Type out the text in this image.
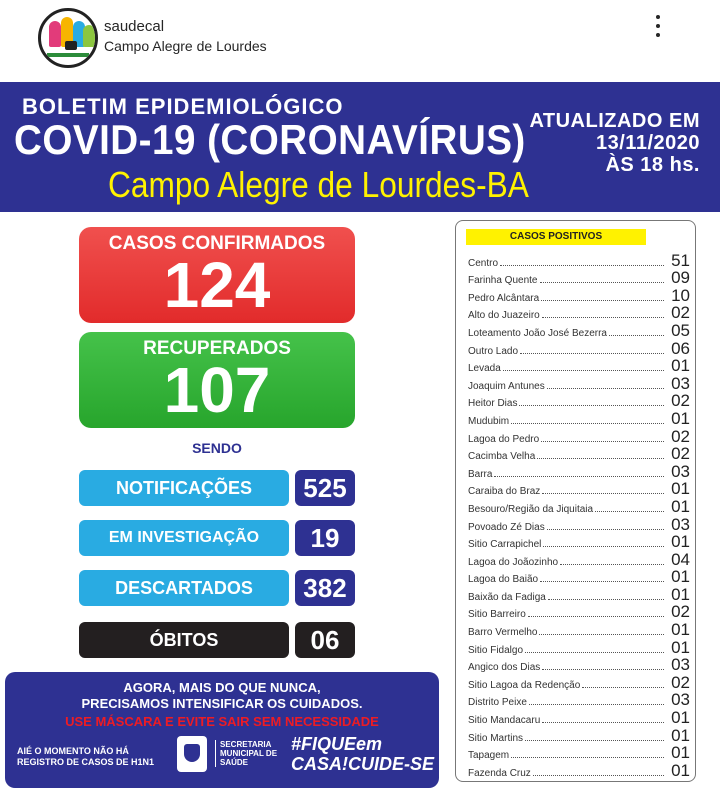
saudecal
Campo Alegre de Lourdes
BOLETIM EPIDEMIOLÓGICO
COVID-19 (CORONAVÍRUS)
Campo Alegre de Lourdes-BA
ATUALIZADO EM
13/11/2020
ÀS 18 hs.
CASOS CONFIRMADOS
124
RECUPERADOS
107
SENDO
NOTIFICAÇÕES	525
EM INVESTIGAÇÃO	19
DESCARTADOS	382
ÓBITOS	06
AGORA, MAIS DO QUE NUNCA,
PRECISAMOS INTENSIFICAR OS CUIDADOS.
USE MÁSCARA E EVITE SAIR SEM NECESSIDADE
AIÉ O MOMENTO NÃO HÁ
REGISTRO DE CASOS DE H1N1
SECRETARIA
MUNICIPAL DE
SAÚDE
#FIQUEem
CASA!CUIDE-SE
CASOS POSITIVOS
Centro	51
Farinha Quente	09
Pedro Alcântara	10
Alto do Juazeiro	02
Loteamento João José Bezerra	05
Outro Lado	06
Levada	01
Joaquim Antunes	03
Heitor Dias	02
Mudubim	01
Lagoa do Pedro	02
Cacimba Velha	02
Barra	03
Caraiba do Braz	01
Besouro/Região da Jiquitaia	01
Povoado Zé Dias	03
Sitio Carrapichel	01
Lagoa do Joãozinho	04
Lagoa do Baião	01
Baixão da Fadiga	01
Sitio Barreiro	02
Barro Vermelho	01
Sitio Fidalgo	01
Angico dos Dias	03
Sitio Lagoa da Redenção	02
Distrito Peixe	03
Sitio Mandacaru	01
Sitio Martins	01
Tapagem	01
Fazenda Cruz	01
